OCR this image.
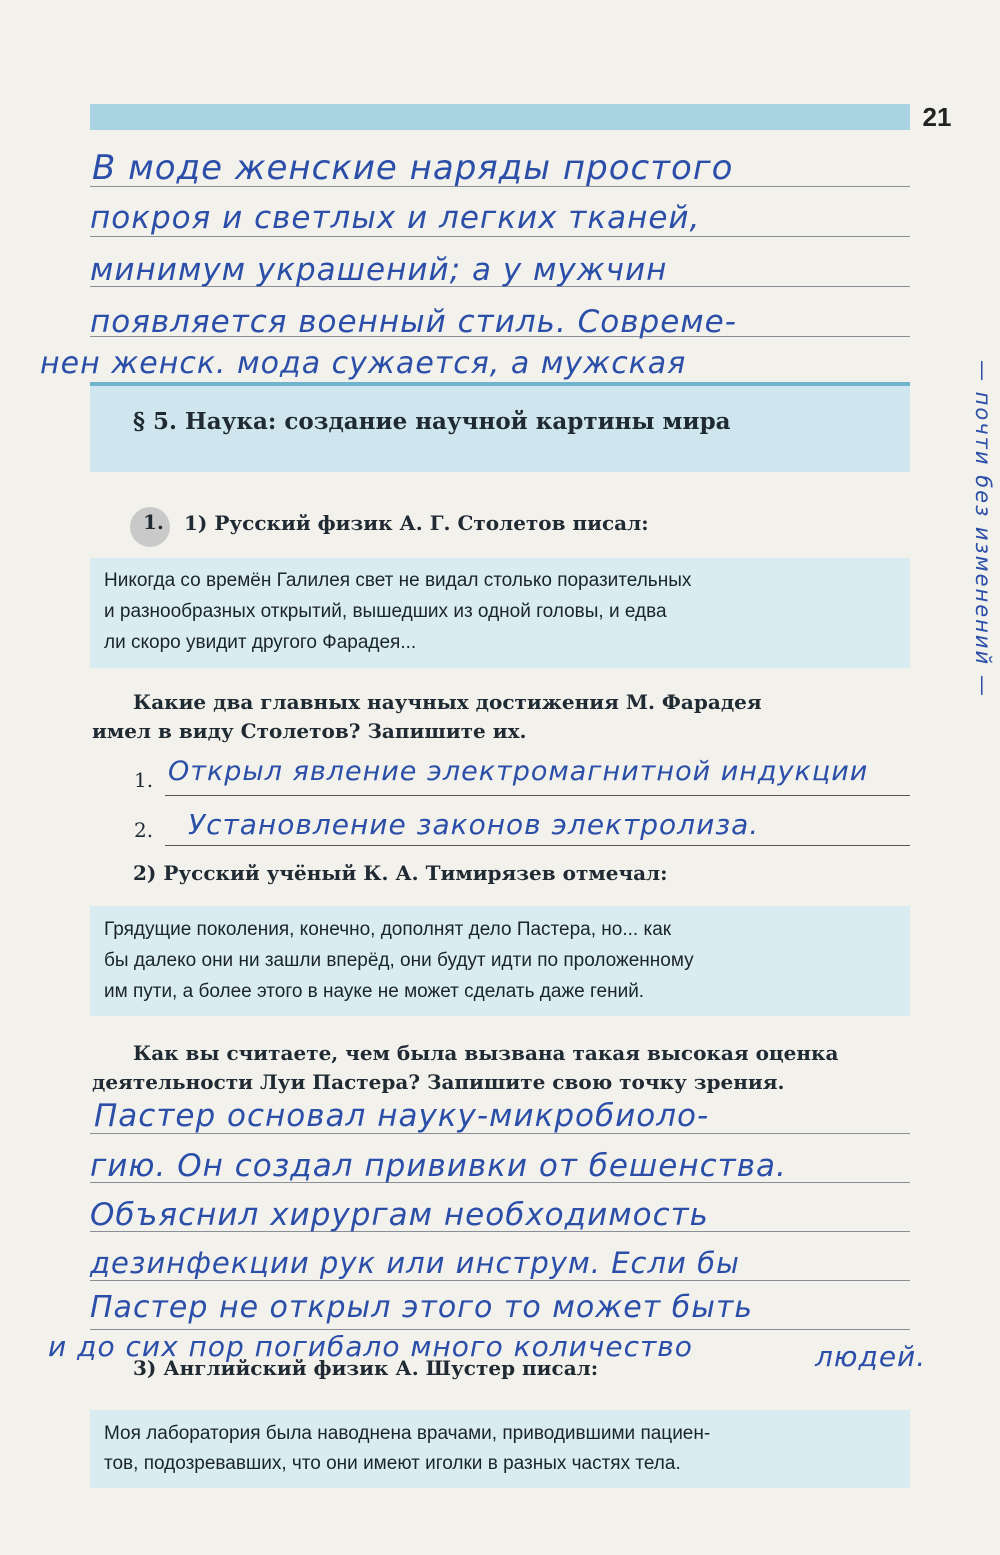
21
В моде женские наряды простого
покроя и светлых и легких тканей,
минимум украшений; а у мужчин
появляется военный стиль. Совреме-
нен женск. мода сужается, а мужская
§ 5. Наука: создание научной картины мира	— почти без изменений —
1. 1) Русский физик А. Г. Столетов писал:
Никогда со времён Галилея свет не видал столько поразительных
и разнообразных открытий, вышедших из одной головы, и едва
ли скоро увидит другого Фарадея...
Какие два главных научных достижения М. Фарадея
имел в виду Столетов? Запишите их.
1. Открыл явление электромагнитной индукции
2. Установление законов электролиза.
2) Русский учёный К. А. Тимирязев отмечал:
Грядущие поколения, конечно, дополнят дело Пастера, но... как
бы далеко они ни зашли вперёд, они будут идти по проложенному
им пути, а более этого в науке не может сделать даже гений.
Как вы считаете, чем была вызвана такая высокая оценка
деятельности Луи Пастера? Запишите свою точку зрения.
Пастер основал науку-микробиоло-
гию. Он создал прививки от бешенства.
Объяснил хирургам необходимость
дезинфекции рук или инструм. Если бы
Пастер не открыл этого то может быть
и до сих пор погибало много количество	людей.
3) Английский физик А. Шустер писал:
Моя лаборатория была наводнена врачами, приводившими пациен-
тов, подозревавших, что они имеют иголки в разных частях тела.
